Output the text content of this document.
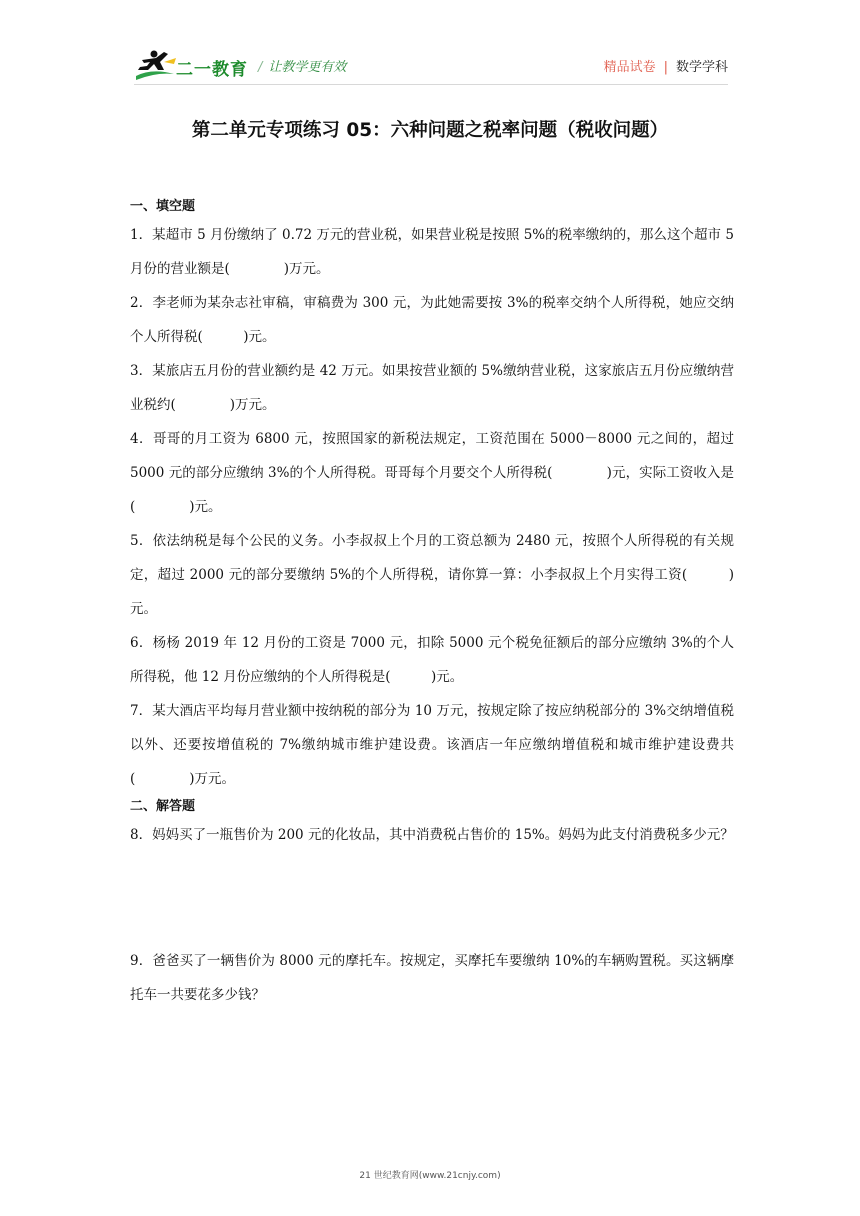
二一教育 / 让教学更有效	精品试卷 | 数学学科
第二单元专项练习 05：六种问题之税率问题（税收问题）
一、填空题

1．某超市 5 月份缴纳了 0.72 万元的营业税，如果营业税是按照 5%的税率缴纳的，那么这个超市 5 月份的营业额是(　　　　)万元。

2．李老师为某杂志社审稿，审稿费为 300 元，为此她需要按 3%的税率交纳个人所得税，她应交纳个人所得税(　　　)元。

3．某旅店五月份的营业额约是 42 万元。如果按营业额的 5%缴纳营业税，这家旅店五月份应缴纳营业税约(　　　　)万元。

4．哥哥的月工资为 6800 元，按照国家的新税法规定，工资范围在 5000－8000 元之间的，超过 5000 元的部分应缴纳 3%的个人所得税。哥哥每个月要交个人所得税(　　　　)元，实际工资收入是(　　　　)元。

5．依法纳税是每个公民的义务。小李叔叔上个月的工资总额为 2480 元，按照个人所得税的有关规定，超过 2000 元的部分要缴纳 5%的个人所得税，请你算一算：小李叔叔上个月实得工资(　　　)元。

6．杨杨 2019 年 12 月份的工资是 7000 元，扣除 5000 元个税免征额后的部分应缴纳 3%的个人所得税，他 12 月份应缴纳的个人所得税是(　　　)元。

7．某大酒店平均每月营业额中按纳税的部分为 10 万元，按规定除了按应纳税部分的 3%交纳增值税以外、还要按增值税的 7%缴纳城市维护建设费。该酒店一年应缴纳增值税和城市维护建设费共(　　　　)万元。

二、解答题

8．妈妈买了一瓶售价为 200 元的化妆品，其中消费税占售价的 15%。妈妈为此支付消费税多少元？

9．爸爸买了一辆售价为 8000 元的摩托车。按规定，买摩托车要缴纳 10%的车辆购置税。买这辆摩托车一共要花多少钱？

21 世纪教育网(www.21cnjy.com)
